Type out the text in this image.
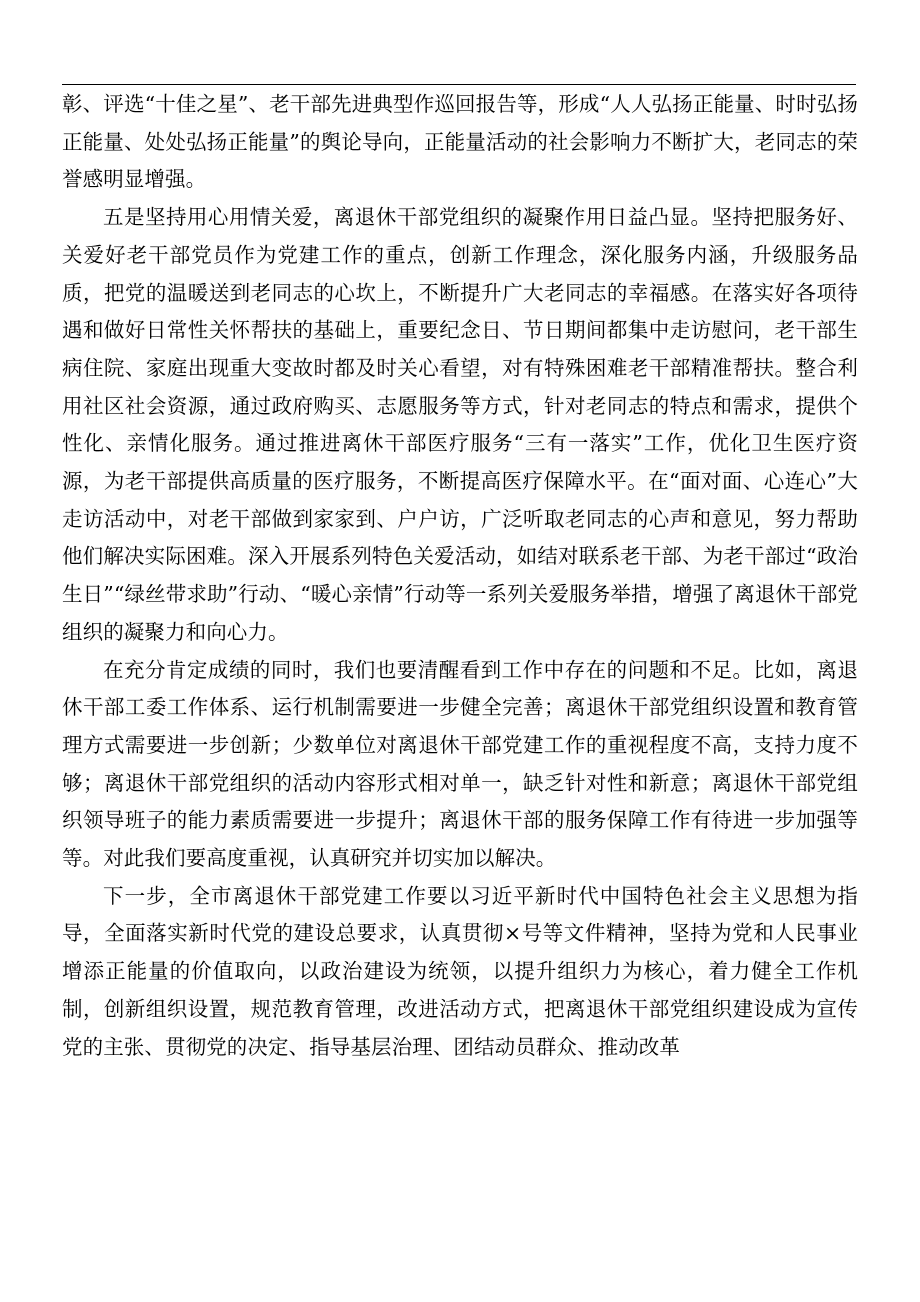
彰、评选“十佳之星”、老干部先进典型作巡回报告等，形成“人人弘扬正能量、时时弘扬正能量、处处弘扬正能量”的舆论导向，正能量活动的社会影响力不断扩大，老同志的荣誉感明显增强。

五是坚持用心用情关爱，离退休干部党组织的凝聚作用日益凸显。坚持把服务好、关爱好老干部党员作为党建工作的重点，创新工作理念，深化服务内涵，升级服务品质，把党的温暖送到老同志的心坎上，不断提升广大老同志的幸福感。在落实好各项待遇和做好日常性关怀帮扶的基础上，重要纪念日、节日期间都集中走访慰问，老干部生病住院、家庭出现重大变故时都及时关心看望，对有特殊困难老干部精准帮扶。整合利用社区社会资源，通过政府购买、志愿服务等方式，针对老同志的特点和需求，提供个性化、亲情化服务。通过推进离休干部医疗服务“三有一落实”工作，优化卫生医疗资源，为老干部提供高质量的医疗服务，不断提高医疗保障水平。在“面对面、心连心”大走访活动中，对老干部做到家家到、户户访，广泛听取老同志的心声和意见，努力帮助他们解决实际困难。深入开展系列特色关爱活动，如结对联系老干部、为老干部过“政治生日”“绿丝带求助”行动、“暖心亲情”行动等一系列关爱服务举措，增强了离退休干部党组织的凝聚力和向心力。

在充分肯定成绩的同时，我们也要清醒看到工作中存在的问题和不足。比如，离退休干部工委工作体系、运行机制需要进一步健全完善；离退休干部党组织设置和教育管理方式需要进一步创新；少数单位对离退休干部党建工作的重视程度不高，支持力度不够；离退休干部党组织的活动内容形式相对单一，缺乏针对性和新意；离退休干部党组织领导班子的能力素质需要进一步提升；离退休干部的服务保障工作有待进一步加强等等。对此我们要高度重视，认真研究并切实加以解决。

下一步，全市离退休干部党建工作要以习近平新时代中国特色社会主义思想为指导，全面落实新时代党的建设总要求，认真贯彻×号等文件精神，坚持为党和人民事业增添正能量的价值取向，以政治建设为统领，以提升组织力为核心，着力健全工作机制，创新组织设置，规范教育管理，改进活动方式，把离退休干部党组织建设成为宣传党的主张、贯彻党的决定、指导基层治理、团结动员群众、推动改革
